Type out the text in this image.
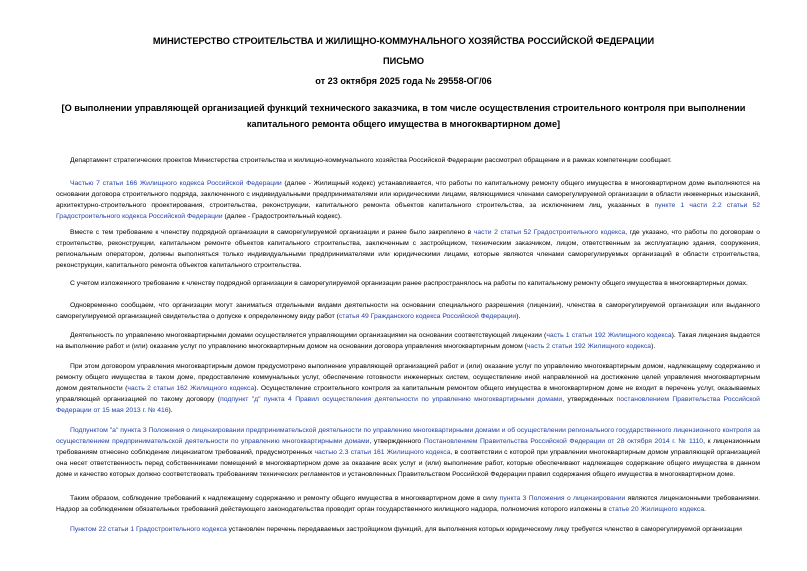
МИНИСТЕРСТВО СТРОИТЕЛЬСТВА И ЖИЛИЩНО-КОММУНАЛЬНОГО ХОЗЯЙСТВА РОССИЙСКОЙ ФЕДЕРАЦИИ
ПИСЬМО
от 23 октября 2025 года № 29558-ОГ/06
[О выполнении управляющей организацией функций технического заказчика, в том числе осуществления строительного контроля при выполнении капитального ремонта общего имущества в многоквартирном доме]
Департамент стратегических проектов Министерства строительства и жилищно-коммунального хозяйства Российской Федерации рассмотрел обращение и в рамках компетенции сообщает.
Частью 7 статьи 166 Жилищного кодекса Российской Федерации (далее - Жилищный кодекс) устанавливается, что работы по капитальному ремонту общего имущества в многоквартирном доме выполняются на основании договора строительного подряда, заключенного с индивидуальными предпринимателями или юридическими лицами, являющимися членами саморегулируемой организации в области инженерных изысканий, архитектурно-строительного проектирования, строительства, реконструкции, капитального ремонта объектов капитального строительства, за исключением лиц, указанных в пункте 1 части 2.2 статьи 52 Градостроительного кодекса Российской Федерации (далее - Градостроительный кодекс).
Вместе с тем требование к членству подрядной организации в саморегулируемой организации и ранее было закреплено в части 2 статьи 52 Градостроительного кодекса, где указано, что работы по договорам о строительстве, реконструкции, капитальном ремонте объектов капитального строительства, заключенным с застройщиком, техническим заказчиком, лицом, ответственным за эксплуатацию здания, сооружения, региональным оператором, должны выполняться только индивидуальными предпринимателями или юридическими лицами, которые являются членами саморегулируемых организаций в области строительства, реконструкции, капитального ремонта объектов капитального строительства.
С учетом изложенного требование к членству подрядной организации в саморегулируемой организации ранее распространялось на работы по капитальному ремонту общего имущества в многоквартирных домах.
Одновременно сообщаем, что организации могут заниматься отдельными видами деятельности на основании специального разрешения (лицензии), членства в саморегулируемой организации или выданного саморегулируемой организацией свидетельства о допуске к определенному виду работ (статья 49 Гражданского кодекса Российской Федерации).
Деятельность по управлению многоквартирными домами осуществляется управляющими организациями на основании соответствующей лицензии (часть 1 статьи 192 Жилищного кодекса). Такая лицензия выдается на выполнение работ и (или) оказание услуг по управлению многоквартирным домом на основании договора управления многоквартирным домом (часть 2 статьи 192 Жилищного кодекса).
При этом договором управления многоквартирным домом предусмотрено выполнение управляющей организацией работ и (или) оказание услуг по управлению многоквартирным домом, надлежащему содержанию и ремонту общего имущества в таком доме, предоставление коммунальных услуг, обеспечение готовности инженерных систем, осуществление иной направленной на достижение целей управления многоквартирным домом деятельности (часть 2 статьи 162 Жилищного кодекса). Осуществление строительного контроля за капитальным ремонтом общего имущества в многоквартирном доме не входит в перечень услуг, оказываемых управляющей организацией по такому договору (подпункт "д" пункта 4 Правил осуществления деятельности по управлению многоквартирными домами, утвержденных постановлением Правительства Российской Федерации от 15 мая 2013 г. № 416).
Подпунктом "а" пункта 3 Положения о лицензировании предпринимательской деятельности по управлению многоквартирными домами и об осуществлении регионального государственного лицензионного контроля за осуществлением предпринимательской деятельности по управлению многоквартирными домами, утвержденного Постановлением Правительства Российской Федерации от 28 октября 2014 г. № 1110, к лицензионным требованиям отнесено соблюдение лицензиатом требований, предусмотренных частью 2.3 статьи 161 Жилищного кодекса, в соответствии с которой при управлении многоквартирным домом управляющей организацией она несет ответственность перед собственниками помещений в многоквартирном доме за оказание всех услуг и (или) выполнение работ, которые обеспечивают надлежащее содержание общего имущества в данном доме и качество которых должно соответствовать требованиям технических регламентов и установленных Правительством Российской Федерации правил содержания общего имущества в многоквартирном доме.
Таким образом, соблюдение требований к надлежащему содержанию и ремонту общего имущества в многоквартирном доме в силу пункта 3 Положения о лицензировании являются лицензионными требованиями. Надзор за соблюдением обязательных требований действующего законодательства проводит орган государственного жилищного надзора, полномочия которого изложены в статье 20 Жилищного кодекса.
Пунктом 22 статьи 1 Градостроительного кодекса установлен перечень передаваемых застройщиком функций, для выполнения которых юридическому лицу требуется членство в саморегулируемой организации
